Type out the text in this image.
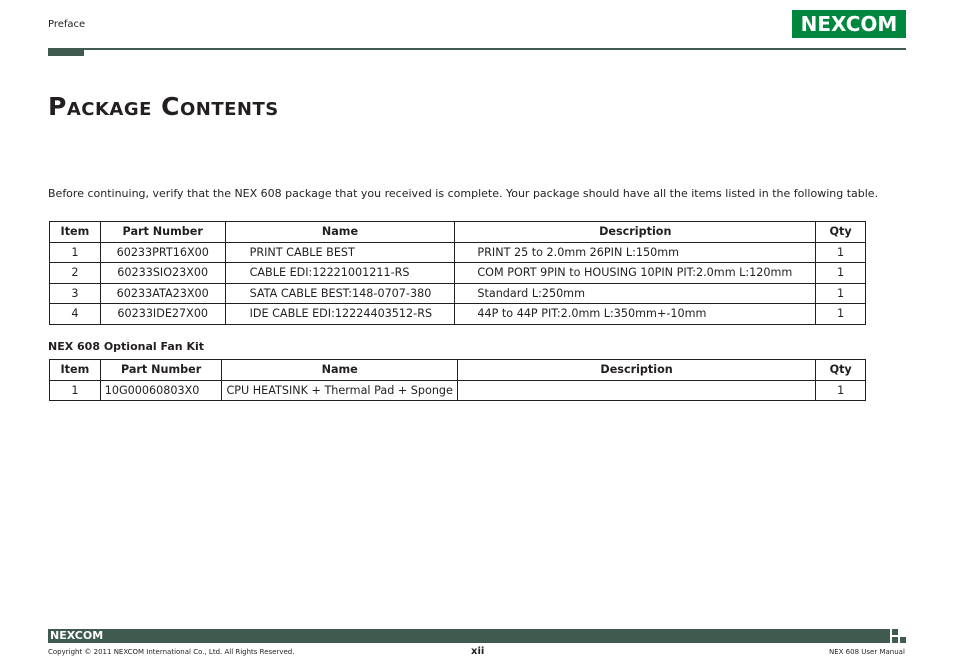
Preface	NEXCOM
Package Contents

Before continuing, verify that the NEX 608 package that you received is complete. Your package should have all the items listed in the following table.

Item	Part Number	Name	Description	Qty
1	60233PRT16X00	PRINT CABLE BEST	PRINT 25 to 2.0mm 26PIN L:150mm	1
2	60233SIO23X00	CABLE EDI:12221001211-RS	COM PORT 9PIN to HOUSING 10PIN PIT:2.0mm L:120mm	1
3	60233ATA23X00	SATA CABLE BEST:148-0707-380	Standard L:250mm	1
4	60233IDE27X00	IDE CABLE EDI:12224403512-RS	44P to 44P PIT:2.0mm L:350mm+-10mm	1
NEX 608 Optional Fan Kit
Item	Part Number	Name	Description	Qty
1	10G00060803X0	CPU HEATSINK + Thermal Pad + Sponge		1
NEXCOM
Copyright © 2011 NEXCOM International Co., Ltd. All Rights Reserved.	xii	NEX 608 User Manual
